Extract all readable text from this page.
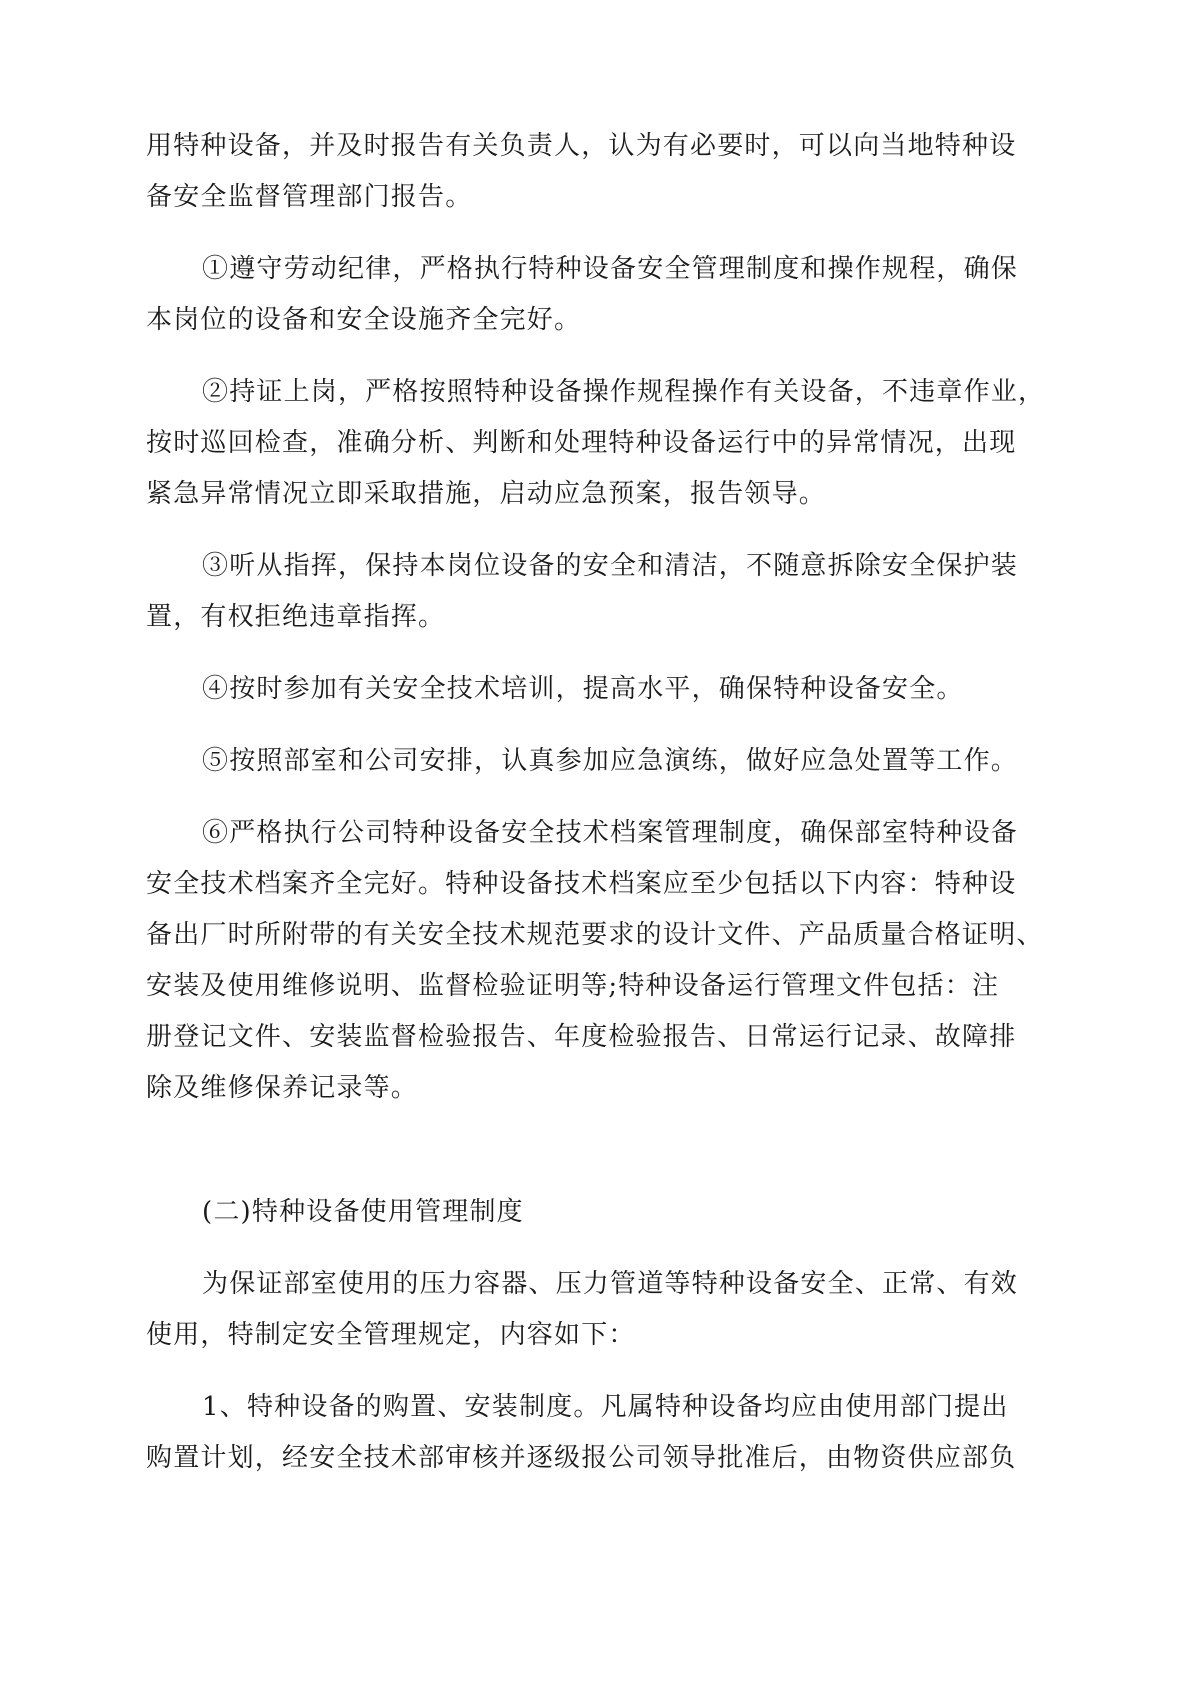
用特种设备，并及时报告有关负责人，认为有必要时，可以向当地特种设
备安全监督管理部门报告。

①遵守劳动纪律，严格执行特种设备安全管理制度和操作规程，确保
本岗位的设备和安全设施齐全完好。

②持证上岗，严格按照特种设备操作规程操作有关设备，不违章作业，
按时巡回检查，准确分析、判断和处理特种设备运行中的异常情况，出现
紧急异常情况立即采取措施，启动应急预案，报告领导。

③听从指挥，保持本岗位设备的安全和清洁，不随意拆除安全保护装
置，有权拒绝违章指挥。

④按时参加有关安全技术培训，提高水平，确保特种设备安全。

⑤按照部室和公司安排，认真参加应急演练，做好应急处置等工作。

⑥严格执行公司特种设备安全技术档案管理制度，确保部室特种设备
安全技术档案齐全完好。特种设备技术档案应至少包括以下内容：特种设
备出厂时所附带的有关安全技术规范要求的设计文件、产品质量合格证明、
安装及使用维修说明、监督检验证明等;特种设备运行管理文件包括：注
册登记文件、安装监督检验报告、年度检验报告、日常运行记录、故障排
除及维修保养记录等。

(二)特种设备使用管理制度

为保证部室使用的压力容器、压力管道等特种设备安全、正常、有效
使用，特制定安全管理规定，内容如下：

1、特种设备的购置、安装制度。凡属特种设备均应由使用部门提出
购置计划，经安全技术部审核并逐级报公司领导批准后，由物资供应部负
